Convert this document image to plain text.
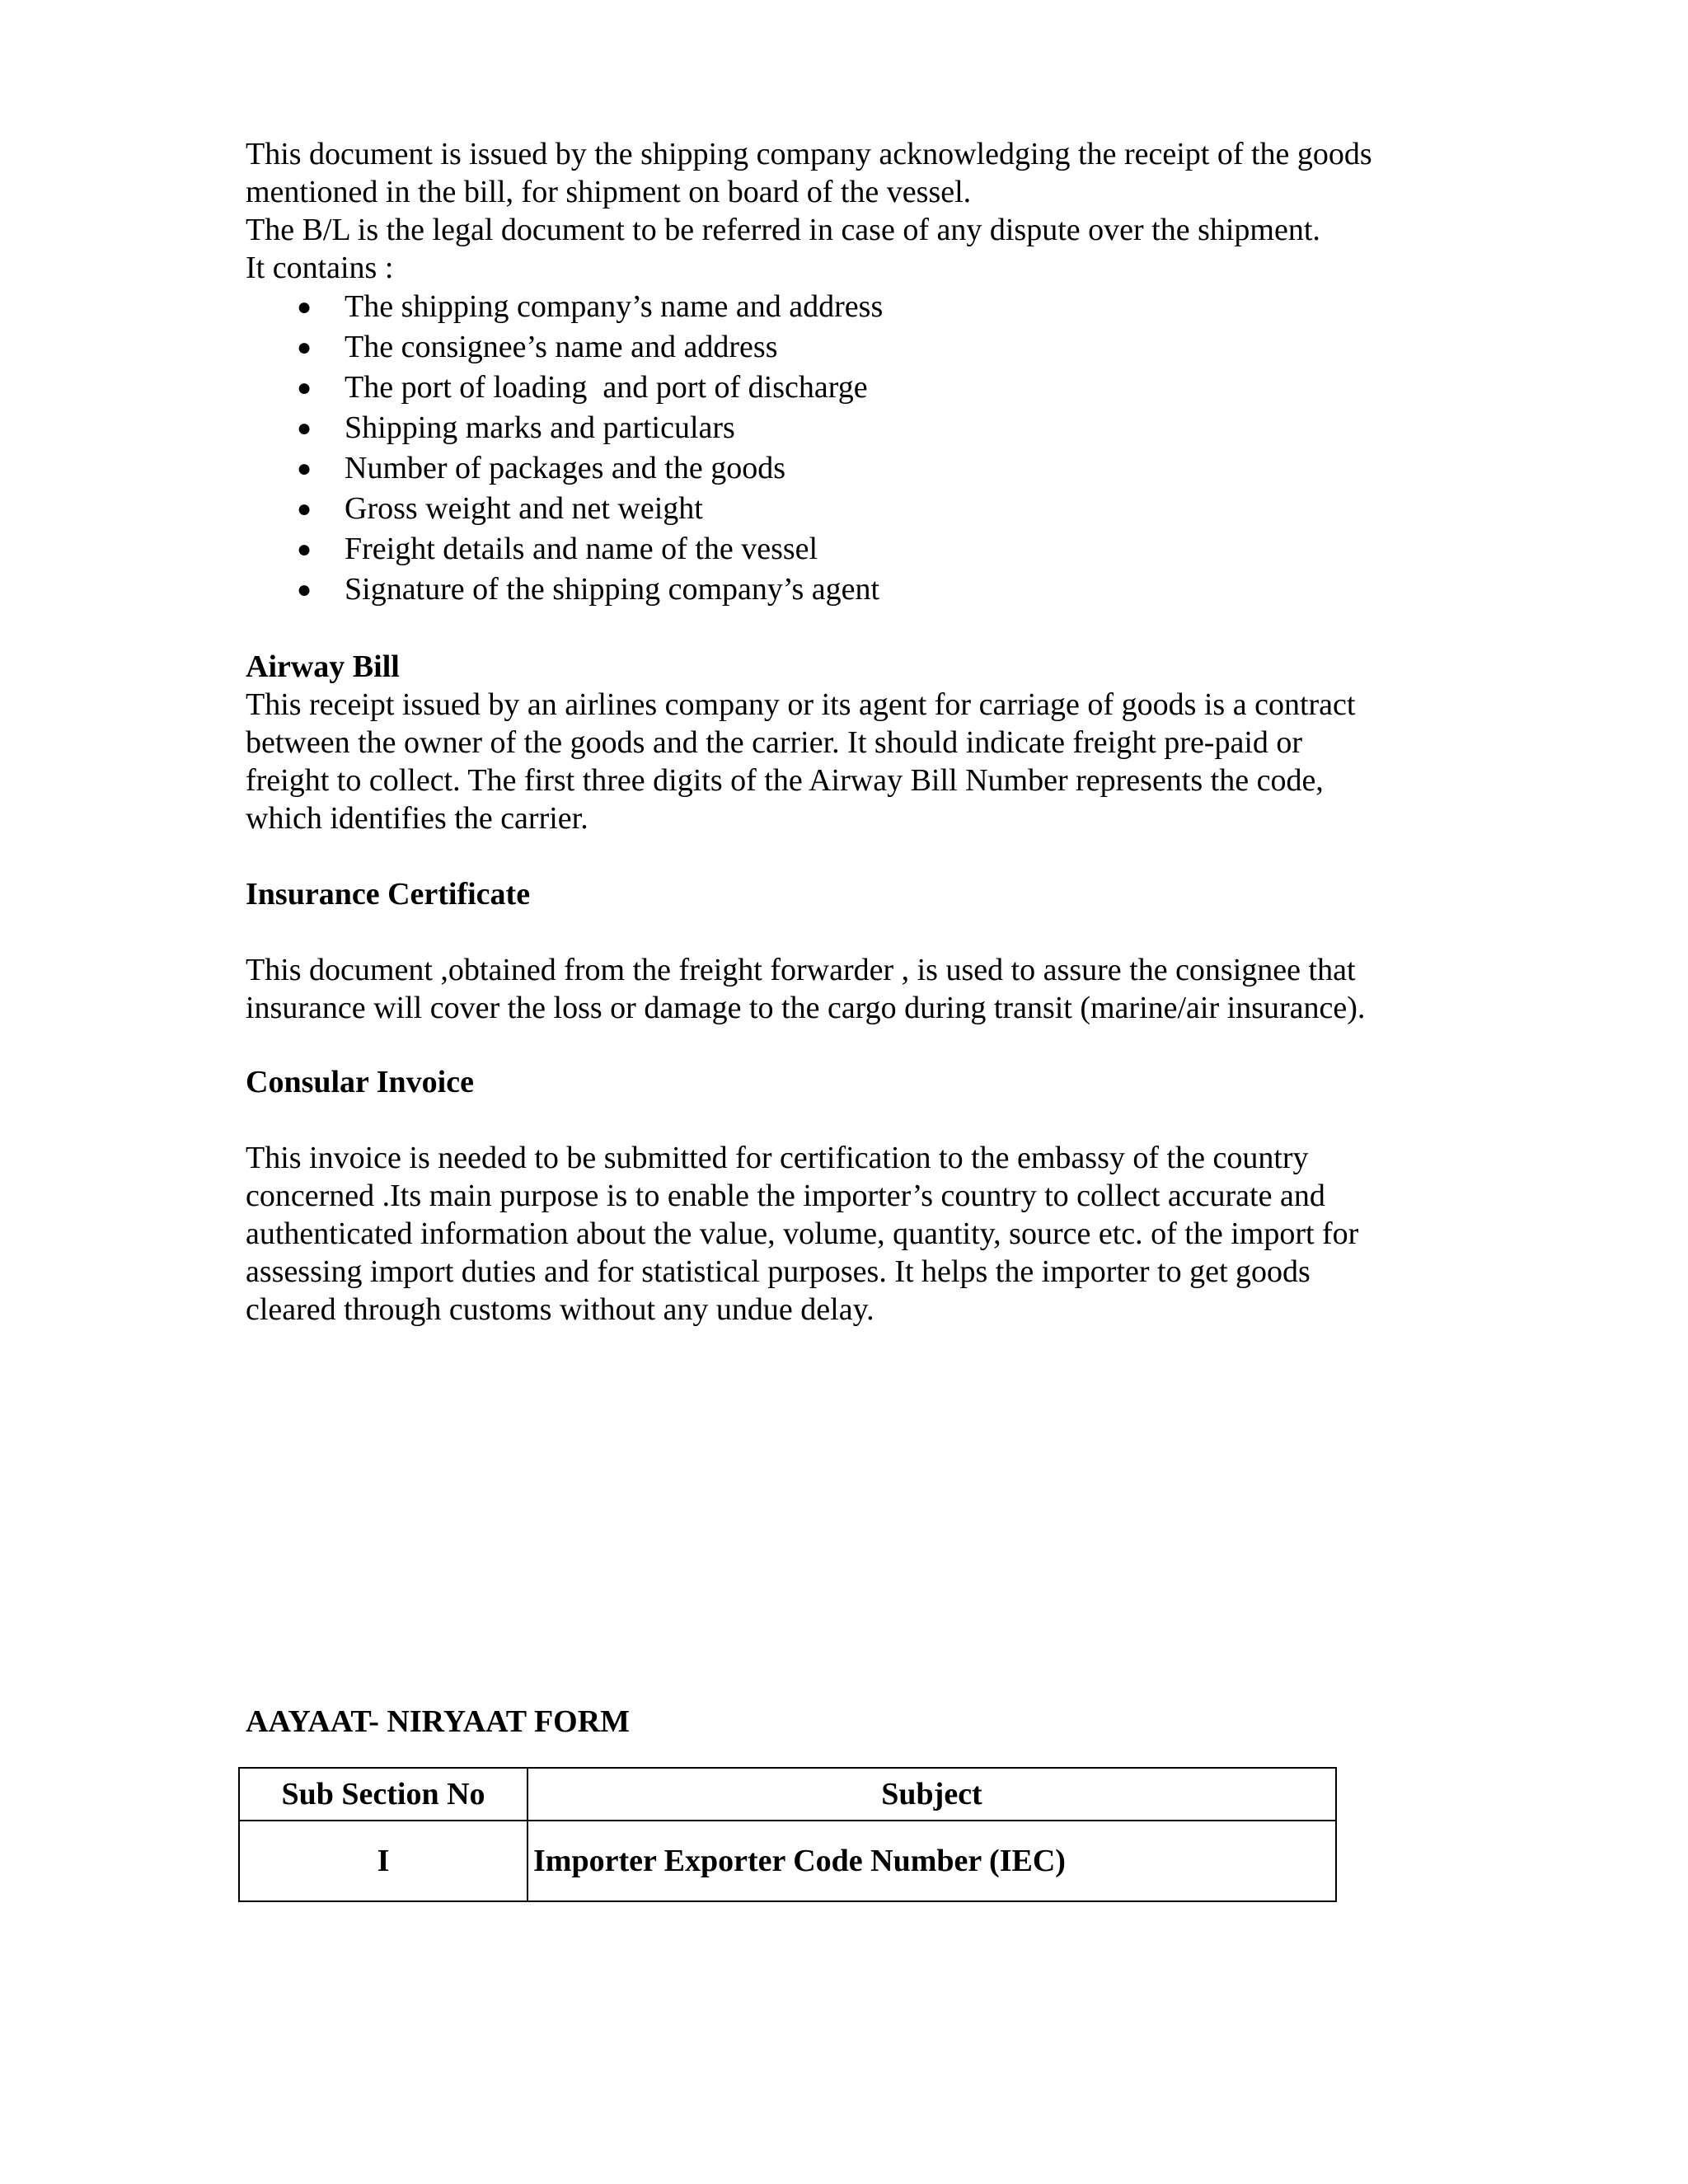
This document is issued by the shipping company acknowledging the receipt of the goods
mentioned in the bill, for shipment on board of the vessel.
The B/L is the legal document to be referred in case of any dispute over the shipment.
It contains :
● The shipping company’s name and address
● The consignee’s name and address
● The port of loading  and port of discharge
● Shipping marks and particulars
● Number of packages and the goods
● Gross weight and net weight
● Freight details and name of the vessel
● Signature of the shipping company’s agent
Airway Bill
This receipt issued by an airlines company or its agent for carriage of goods is a contract
between the owner of the goods and the carrier. It should indicate freight pre-paid or
freight to collect. The first three digits of the Airway Bill Number represents the code,
which identifies the carrier.
Insurance Certificate
This document ,obtained from the freight forwarder , is used to assure the consignee that
insurance will cover the loss or damage to the cargo during transit (marine/air insurance).
Consular Invoice
This invoice is needed to be submitted for certification to the embassy of the country
concerned .Its main purpose is to enable the importer’s country to collect accurate and
authenticated information about the value, volume, quantity, source etc. of the import for
assessing import duties and for statistical purposes. It helps the importer to get goods
cleared through customs without any undue delay.
AAYAAT- NIRYAAT FORM
Sub Section No	Subject
I	Importer Exporter Code Number (IEC)
